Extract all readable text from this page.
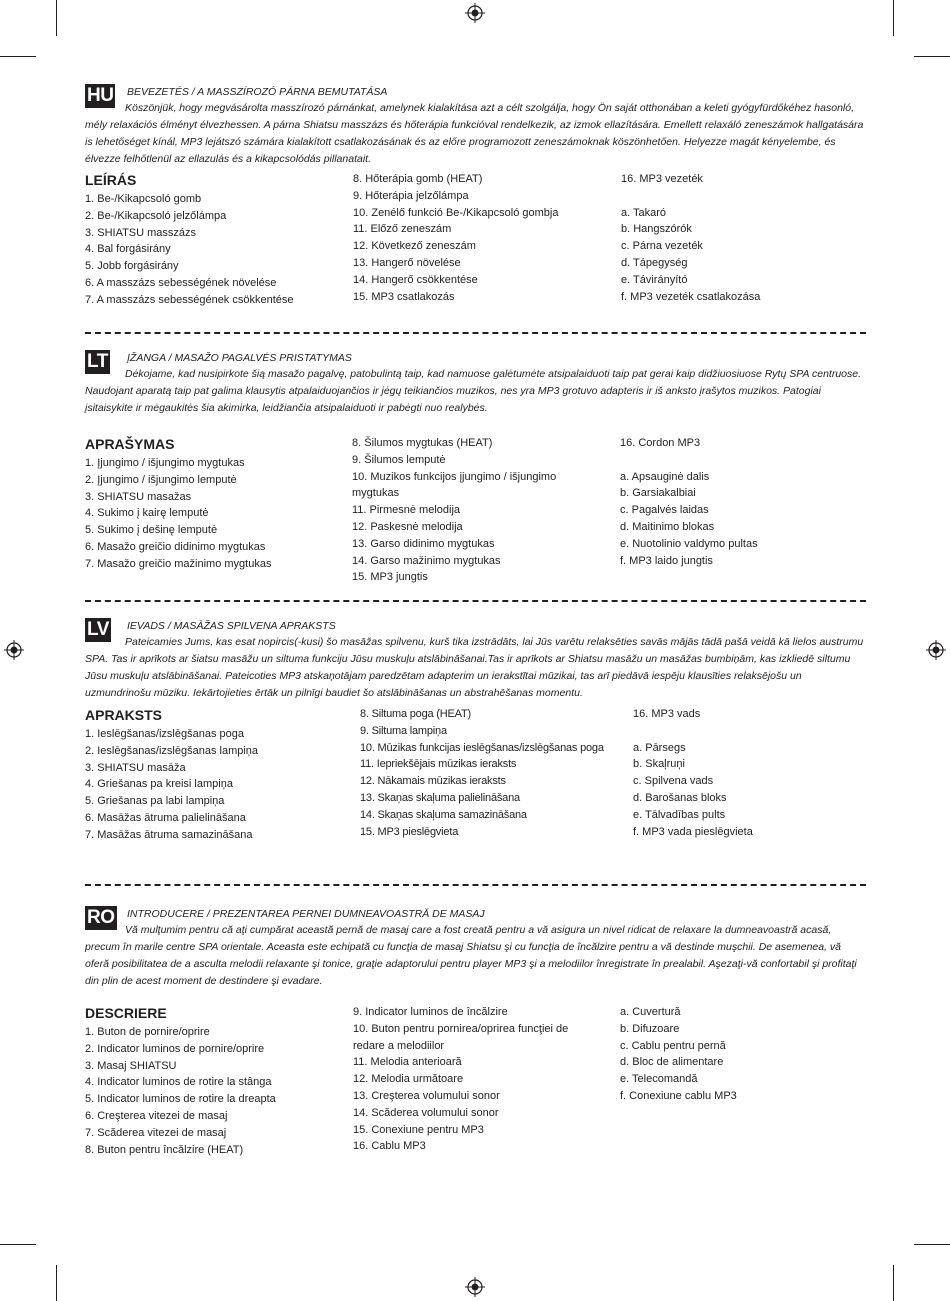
HU	BEVEZETÉS / A MASSZÍROZÓ PÁRNA BEMUTATÁSA

Köszönjük, hogy megvásárolta masszírozó párnánkat, amelynek kialakítása azt a célt szolgálja, hogy Ön saját otthonában a keleti gyógyfürdőkéhez hasonló, mély relaxációs élményt élvezhessen. A párna Shiatsu masszázs és hőterápia funkcióval rendelkezik, az izmok ellazítására. Emellett relaxáló zeneszámok hallgatására is lehetőséget kínál, MP3 lejátszó számára kialakított csatlakozásának és az előre programozott zeneszámoknak köszönhetően. Helyezze magát kényelembe, és élvezze felhőtlenül az ellazulás és a kikapcsolódás pillanatait.

LEÍRÁS
1. Be-/Kikapcsoló gomb
2. Be-/Kikapcsoló jelzőlámpa
3. SHIATSU masszázs
4. Bal forgásirány
5. Jobb forgásirány
6. A masszázs sebességének növelése
7. A masszázs sebességének csökkentése
8. Hőterápia gomb (HEAT)
9. Hőterápia jelzőlámpa
10. Zenélő funkció Be-/Kikapcsoló gombja
11. Előző zeneszám
12. Következő zeneszám
13. Hangerő növelése
14. Hangerő csökkentése
15. MP3 csatlakozás
16. MP3 vezeték
a. Takaró
b. Hangszórók
c. Párna vezeték
d. Tápegység
e. Távirányító
f. MP3 vezeték csatlakozása
LT	ĮŽANGA / MASAŽO PAGALVĖS PRISTATYMAS

Dėkojame, kad nusipirkote šią masažo pagalvę, patobulintą taip, kad namuose galėtumėte atsipalaiduoti taip pat gerai kaip didžiuosiuose Rytų SPA centruose. Naudojant aparatą taip pat galima klausytis atpalaiduojančios ir jėgų teikiančios muzikos, nes yra MP3 grotuvo adapteris ir iš anksto įrašytos muzikos. Patogiai įsitaisykite ir mėgaukitės šia akimirka, leidžiančia atsipalaiduoti ir pabėgti nuo realybės.

APRAŠYMAS
1. Įjungimo / išjungimo mygtukas
2. Įjungimo / išjungimo lemputė
3. SHIATSU masažas
4. Sukimo į kairę lemputė
5. Sukimo į dešinę lemputė
6. Masažo greičio didinimo mygtukas
7. Masažo greičio mažinimo mygtukas
8. Šilumos mygtukas (HEAT)
9. Šilumos lemputė
10. Muzikos funkcijos įjungimo / išjungimo mygtukas
11. Pirmesnė melodija
12. Paskesnė melodija
13. Garso didinimo mygtukas
14. Garso mažinimo mygtukas
15. MP3 jungtis
16. Cordon MP3
a. Apsauginė dalis
b. Garsiakalbiai
c. Pagalvės laidas
d. Maitinimo blokas
e. Nuotolinio valdymo pultas
f. MP3 laido jungtis
LV	IEVADS / MASĀŽAS SPILVENA APRAKSTS

Pateicamies Jums, kas esat nopircis(-kusi) šo masāžas spilvenu, kurš tika izstrādāts, lai Jūs varētu relaksēties savās mājās tādā pašā veidā kā lielos austrumu SPA. Tas ir aprīkots ar šiatsu masāžu un siltuma funkciju Jūsu muskuļu atslābināšanai.Tas ir aprīkots ar Shiatsu masāžu un masāžas bumbiņām, kas izkliedē siltumu Jūsu muskuļu atslābināšanai. Pateicoties MP3 atskaņotājam paredzētam adapterim un ierakstītai mūzikai, tas arī piedāvā iespēju klausīties relaksējošu un uzmundrinošu mūziku. Iekārtojieties ērtāk un pilnīgi baudiet šo atslābināšanas un abstrahēšanas momentu.

APRAKSTS
1. Ieslēgšanas/izslēgšanas poga
2. Ieslēgšanas/izslēgšanas lampiņa
3. SHIATSU masāža
4. Griešanas pa kreisi lampiņa
5. Griešanas pa labi lampiņa
6. Masāžas ātruma palielināšana
7. Masāžas ātruma samazināšana
8. Siltuma poga (HEAT)
9. Siltuma lampiņa
10. Mūzikas funkcijas ieslēgšanas/izslēgšanas poga
11. Iepriekšējais mūzikas ieraksts
12. Nākamais mūzikas ieraksts
13. Skaņas skaļuma palielināšana
14. Skaņas skaļuma samazināšana
15. MP3 pieslēgvieta
16. MP3 vads
a. Pārsegs
b. Skaļruņi
c. Spilvena vads
d. Barošanas bloks
e. Tālvadības pults
f. MP3 vada pieslēgvieta
RO	INTRODUCERE / PREZENTAREA PERNEI DUMNEAVOASTRĂ DE MASAJ

Vă mulţumim pentru că aţi cumpărat această pernă de masaj care a fost creată pentru a vă asigura un nivel ridicat de relaxare la dumneavoastră acasă, precum în marile centre SPA orientale. Aceasta este echipată cu funcţia de masaj Shiatsu şi cu funcţia de încălzire pentru a vă destinde muşchii. De asemenea, vă oferă posibilitatea de a asculta melodii relaxante şi tonice, graţie adaptorului pentru player MP3 şi a melodiilor înregistrate în prealabil. Aşezaţi-vă confortabil şi profitaţi din plin de acest moment de destindere şi evadare.

DESCRIERE
1. Buton de pornire/oprire
2. Indicator luminos de pornire/oprire
3. Masaj SHIATSU
4. Indicator luminos de rotire la stânga
5. Indicator luminos de rotire la dreapta
6. Creşterea vitezei de masaj
7. Scăderea vitezei de masaj
8. Buton pentru încălzire (HEAT)
9. Indicator luminos de încălzire
10. Buton pentru pornirea/oprirea funcţiei de redare a melodiilor
11. Melodia anterioară
12. Melodia următoare
13. Creşterea volumului sonor
14. Scăderea volumului sonor
15. Conexiune pentru MP3
16. Cablu MP3
a. Cuvertură
b. Difuzoare
c. Cablu pentru pernă
d. Bloc de alimentare
e. Telecomandă
f. Conexiune cablu MP3
